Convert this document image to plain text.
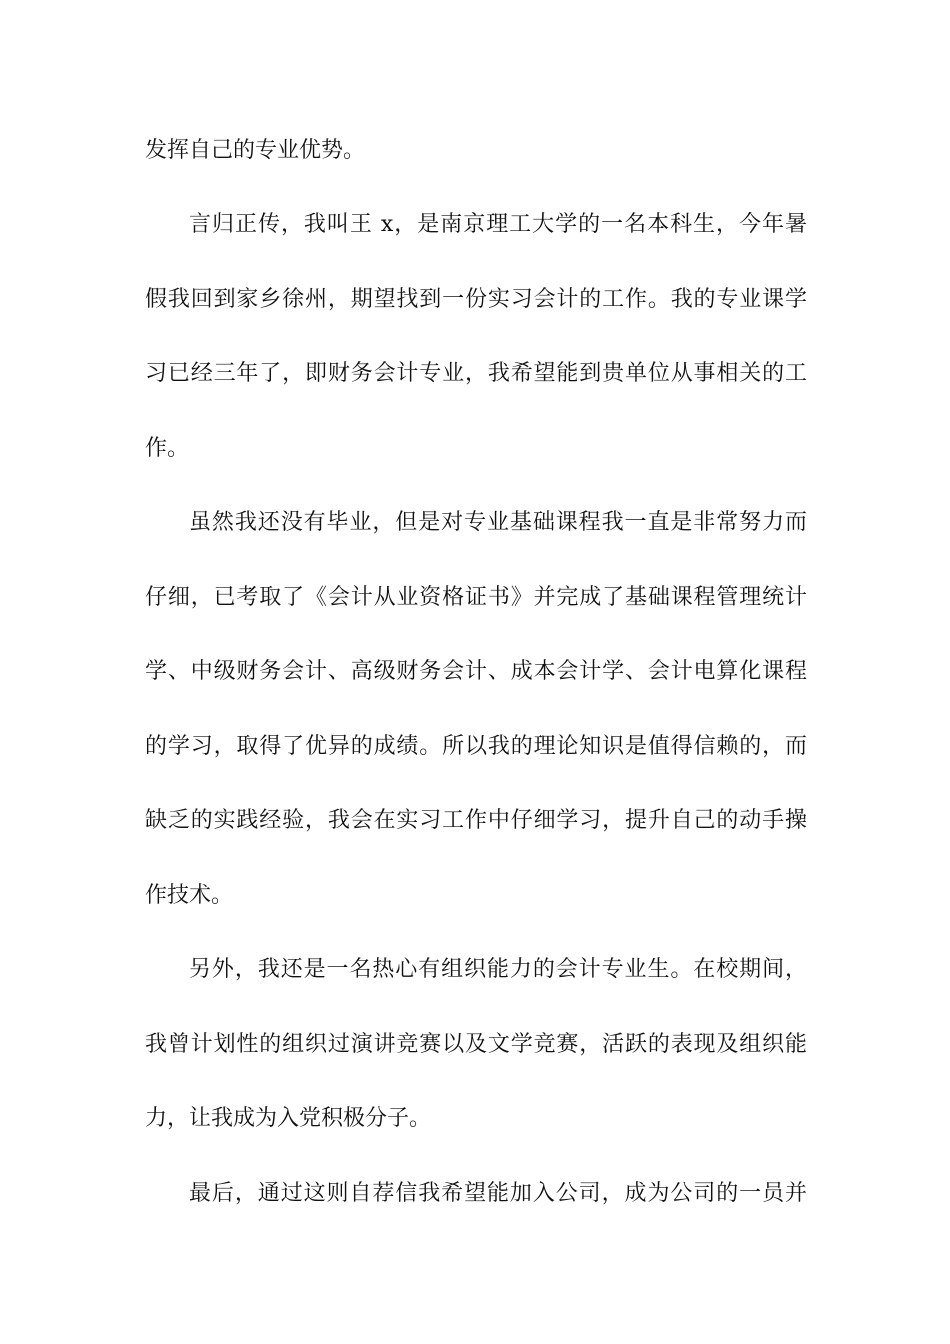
发挥自己的专业优势。
言归正传，我叫王 x，是南京理工大学的一名本科生，今年暑
假我回到家乡徐州，期望找到一份实习会计的工作。我的专业课学
习已经三年了，即财务会计专业，我希望能到贵单位从事相关的工
作。
虽然我还没有毕业，但是对专业基础课程我一直是非常努力而
仔细，已考取了《会计从业资格证书》并完成了基础课程管理统计
学、中级财务会计、高级财务会计、成本会计学、会计电算化课程
的学习，取得了优异的成绩。所以我的理论知识是值得信赖的，而
缺乏的实践经验，我会在实习工作中仔细学习，提升自己的动手操
作技术。
另外，我还是一名热心有组织能力的会计专业生。在校期间，
我曾计划性的组织过演讲竞赛以及文学竞赛，活跃的表现及组织能
力，让我成为入党积极分子。
最后，通过这则自荐信我希望能加入公司，成为公司的一员并
